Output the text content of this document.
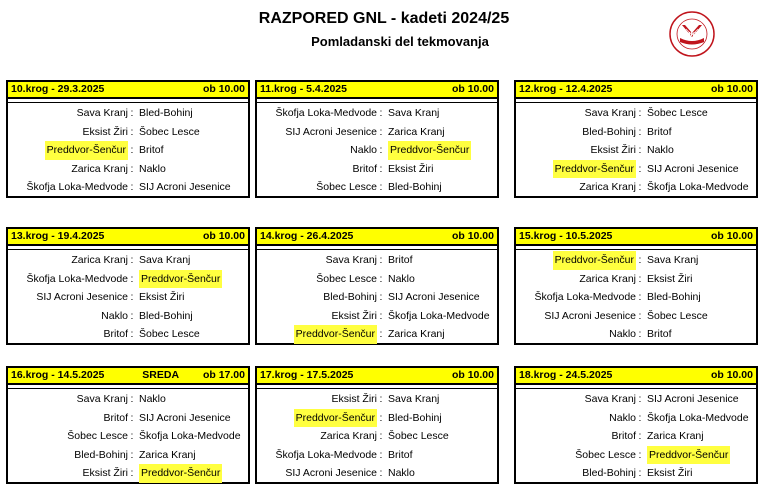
RAZPORED GNL - kadeti 2024/25
Pomladanski del tekmovanja	MNZ
10.krog - 29.3.2025	ob 10.00
Sava Kranj : Bled-Bohinj
Eksist Žiri : Šobec Lesce
Preddvor-Šenčur : Britof
Zarica Kranj : Naklo
Škofja Loka-Medvode : SIJ Acroni Jesenice
11.krog - 5.4.2025	ob 10.00
Škofja Loka-Medvode : Sava Kranj
SIJ Acroni Jesenice : Zarica Kranj
Naklo : Preddvor-Šenčur
Britof : Eksist Žiri
Šobec Lesce : Bled-Bohinj
12.krog - 12.4.2025	ob 10.00
Sava Kranj : Šobec Lesce
Bled-Bohinj : Britof
Eksist Žiri : Naklo
Preddvor-Šenčur : SIJ Acroni Jesenice
Zarica Kranj : Škofja Loka-Medvode
13.krog - 19.4.2025	ob 10.00
Zarica Kranj : Sava Kranj
Škofja Loka-Medvode : Preddvor-Šenčur
SIJ Acroni Jesenice : Eksist Žiri
Naklo : Bled-Bohinj
Britof : Šobec Lesce
14.krog - 26.4.2025	ob 10.00
Sava Kranj : Britof
Šobec Lesce : Naklo
Bled-Bohinj : SIJ Acroni Jesenice
Eksist Žiri : Škofja Loka-Medvode
Preddvor-Šenčur : Zarica Kranj
15.krog - 10.5.2025	ob 10.00
Preddvor-Šenčur : Sava Kranj
Zarica Kranj : Eksist Žiri
Škofja Loka-Medvode : Bled-Bohinj
SIJ Acroni Jesenice : Šobec Lesce
Naklo : Britof
16.krog - 14.5.2025	SREDA	ob 17.00
Sava Kranj : Naklo
Britof : SIJ Acroni Jesenice
Šobec Lesce : Škofja Loka-Medvode
Bled-Bohinj : Zarica Kranj
Eksist Žiri : Preddvor-Šenčur
17.krog - 17.5.2025	ob 10.00
Eksist Žiri : Sava Kranj
Preddvor-Šenčur : Bled-Bohinj
Zarica Kranj : Šobec Lesce
Škofja Loka-Medvode : Britof
SIJ Acroni Jesenice : Naklo
18.krog - 24.5.2025	ob 10.00
Sava Kranj : SIJ Acroni Jesenice
Naklo : Škofja Loka-Medvode
Britof : Zarica Kranj
Šobec Lesce : Preddvor-Šenčur
Bled-Bohinj : Eksist Žiri
